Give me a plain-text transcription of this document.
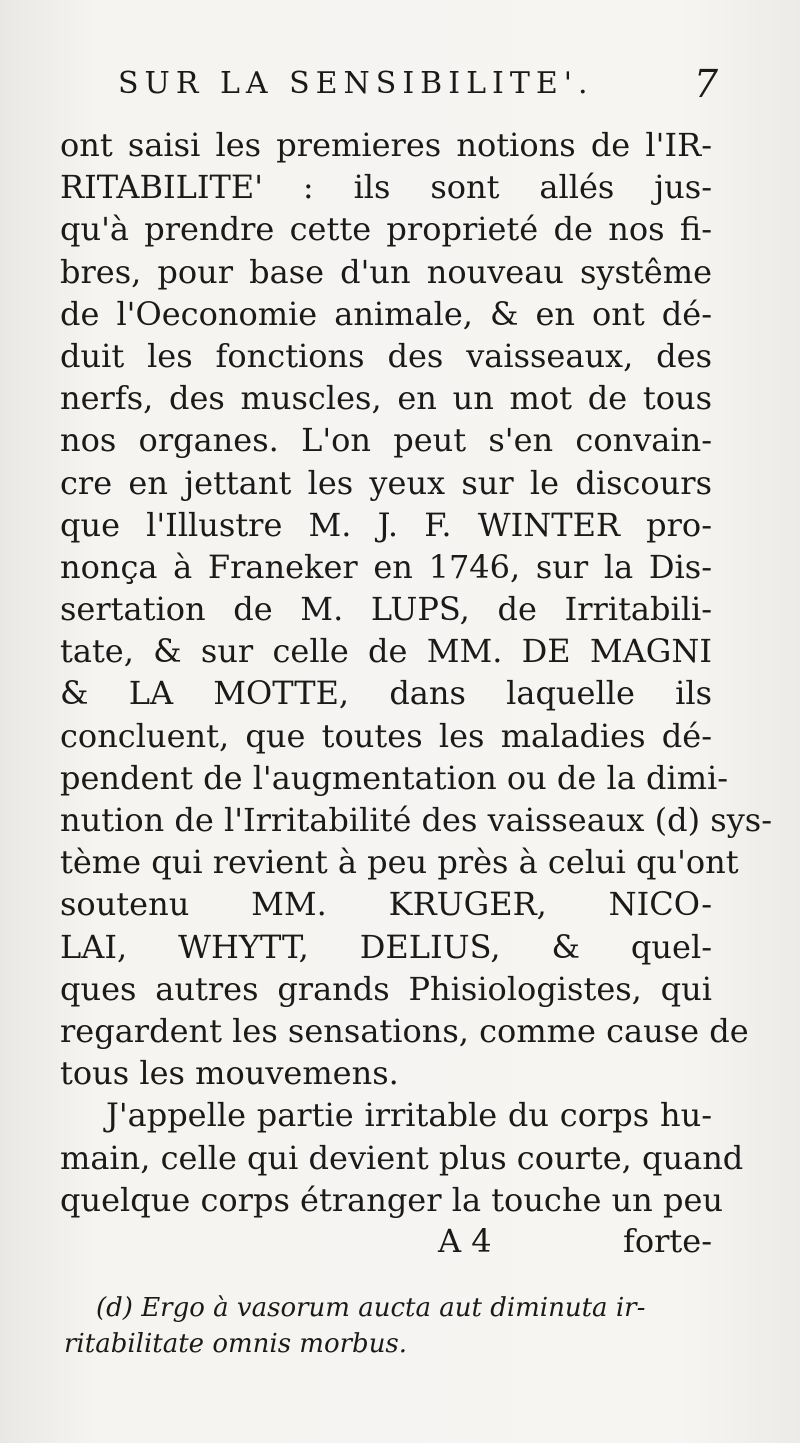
SUR LA SENSIBILITE'.	7
ont saisi les premieres notions de l'IR-
RITABILITE' : ils sont allés jus-
qu'à prendre cette proprieté de nos fi-
bres, pour base d'un nouveau systême
de l'Oeconomie animale, & en ont dé-
duit les fonctions des vaisseaux, des
nerfs, des muscles, en un mot de tous
nos organes. L'on peut s'en convain-
cre en jettant les yeux sur le discours
que l'Illustre M. J. F. WINTER pro-
nonça à Franeker en 1746, sur la Dis-
sertation de M. LUPS, de Irritabili-
tate, & sur celle de MM. DE MAGNI
& LA MOTTE, dans laquelle ils
concluent, que toutes les maladies dé-
pendent de l'augmentation ou de la dimi-
nution de l'Irritabilité des vaisseaux (d) sys-
tème qui revient à peu près à celui qu'ont
soutenu MM. KRUGER, NICO-
LAI, WHYTT, DELIUS, & quel-
ques autres grands Phisiologistes, qui
regardent les sensations, comme cause de
tous les mouvemens.
J'appelle partie irritable du corps hu-
main, celle qui devient plus courte, quand
quelque corps étranger la touche un peu
A 4	forte-
(d) Ergo à vasorum aucta aut diminuta ir-
ritabilitate omnis morbus.
